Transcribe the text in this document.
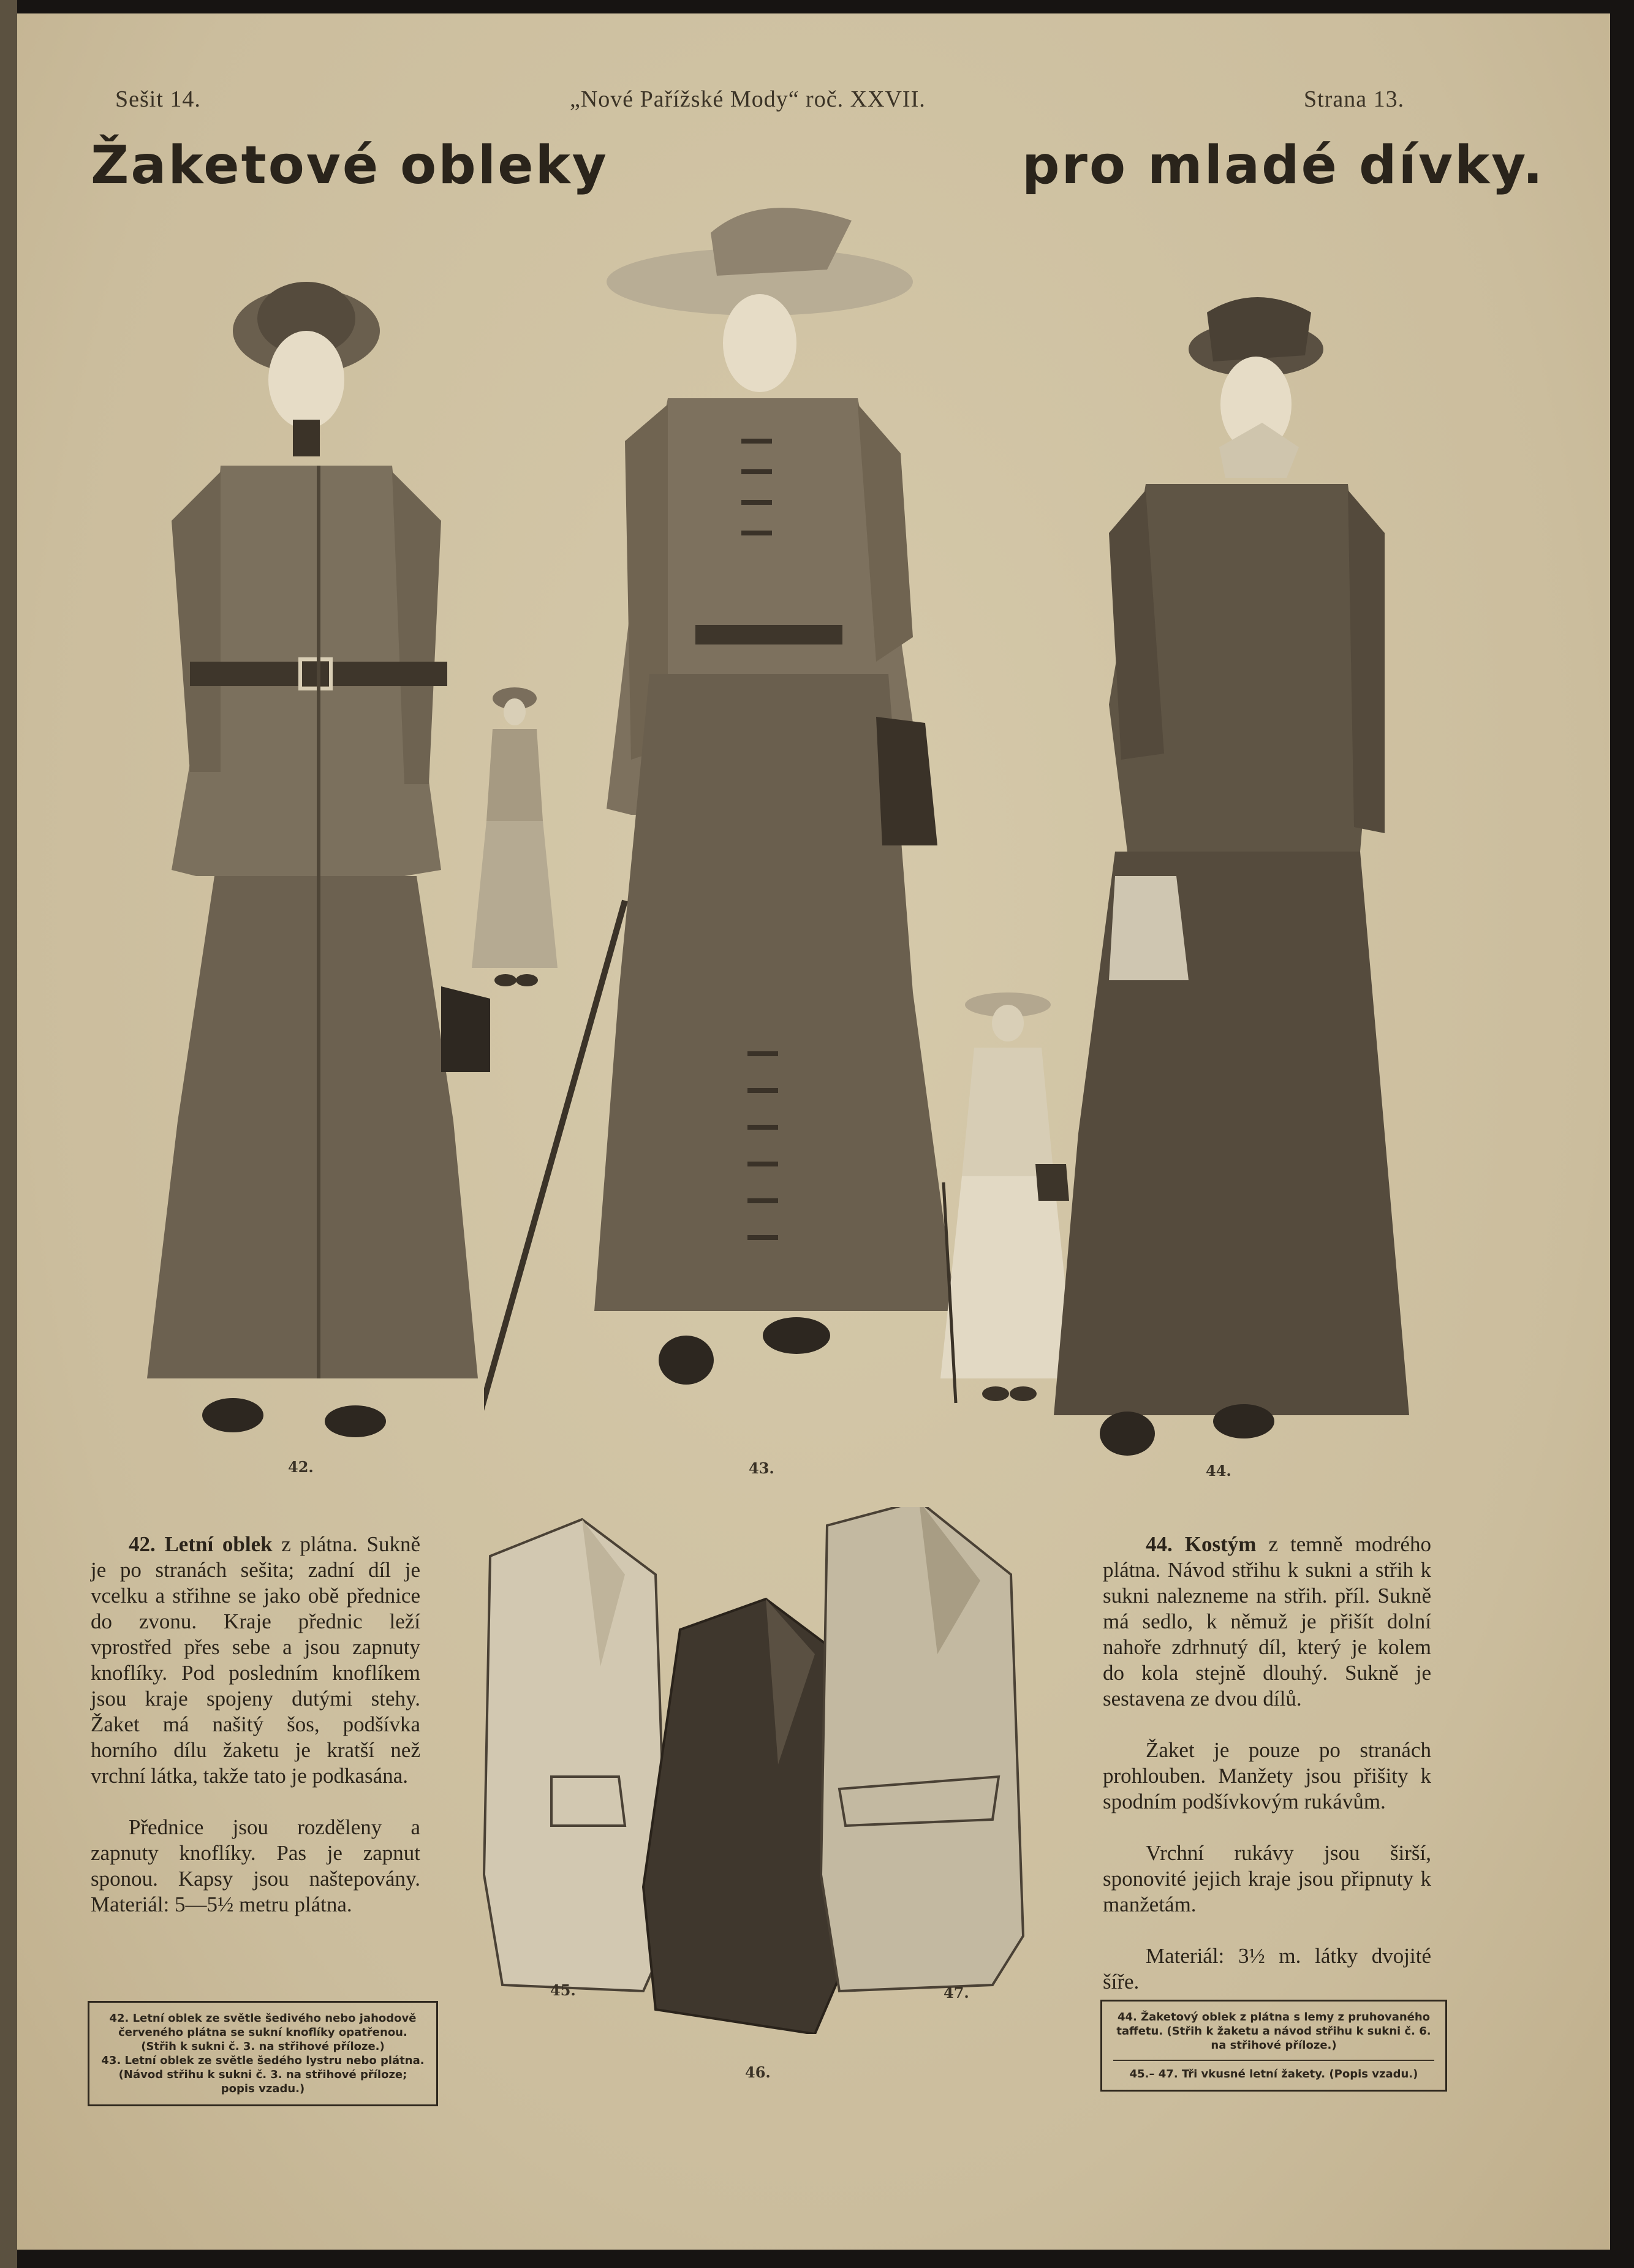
Sešit 14.	„Nové Pařížské Mody“ roč. XXVII.	Strana 13.
Žaketové obleky	pro mladé dívky.
42.	43.	44.

42. Letní oblek z plátna. Sukně je po stranách sešita; zadní díl je vcelku a střihne se jako obě přednice do zvonu. Kraje přednic leží vprostřed přes sebe a jsou zapnuty knoflíky. Pod posledním knoflíkem jsou kraje spojeny dutými stehy. Žaket má našitý šos, podšívka horního dílu žaketu je kratší než vrchní látka, takže tato je podkasána.

Přednice jsou rozděleny a zapnuty knoflíky. Pas je zapnut sponou. Kapsy jsou naštepovány. Materiál: 5—5½ metru plátna.

45.
46.
47.

44. Kostým z temně modrého plátna. Návod střihu k sukni a střih k sukni nalezneme na střih. příl. Sukně má sedlo, k němuž je přišít dolní nahoře zdrhnutý díl, který je kolem do kola stejně dlouhý. Sukně je sestavena ze dvou dílů.

Žaket je pouze po stranách prohlouben. Manžety jsou přišity k spodním podšívkovým rukávům.

Vrchní rukávy jsou širší, sponovité jejich kraje jsou připnuty k manžetám.

Materiál: 3½ m. látky dvojité šíře.

42. Letní oblek ze světle šedivého nebo jahodově červeného plátna se sukní knoflíky opatřenou. (Střih k sukni č. 3. na střihové příloze.)
43. Letní oblek ze světle šedého lystru nebo plátna. (Návod střihu k sukni č. 3. na střihové příloze; popis vzadu.)
44. Žaketový oblek z plátna s lemy z pruhovaného taffetu. (Střih k žaketu a návod střihu k sukni č. 6. na střihové příloze.)
45.– 47. Tři vkusné letní žakety. (Popis vzadu.)
